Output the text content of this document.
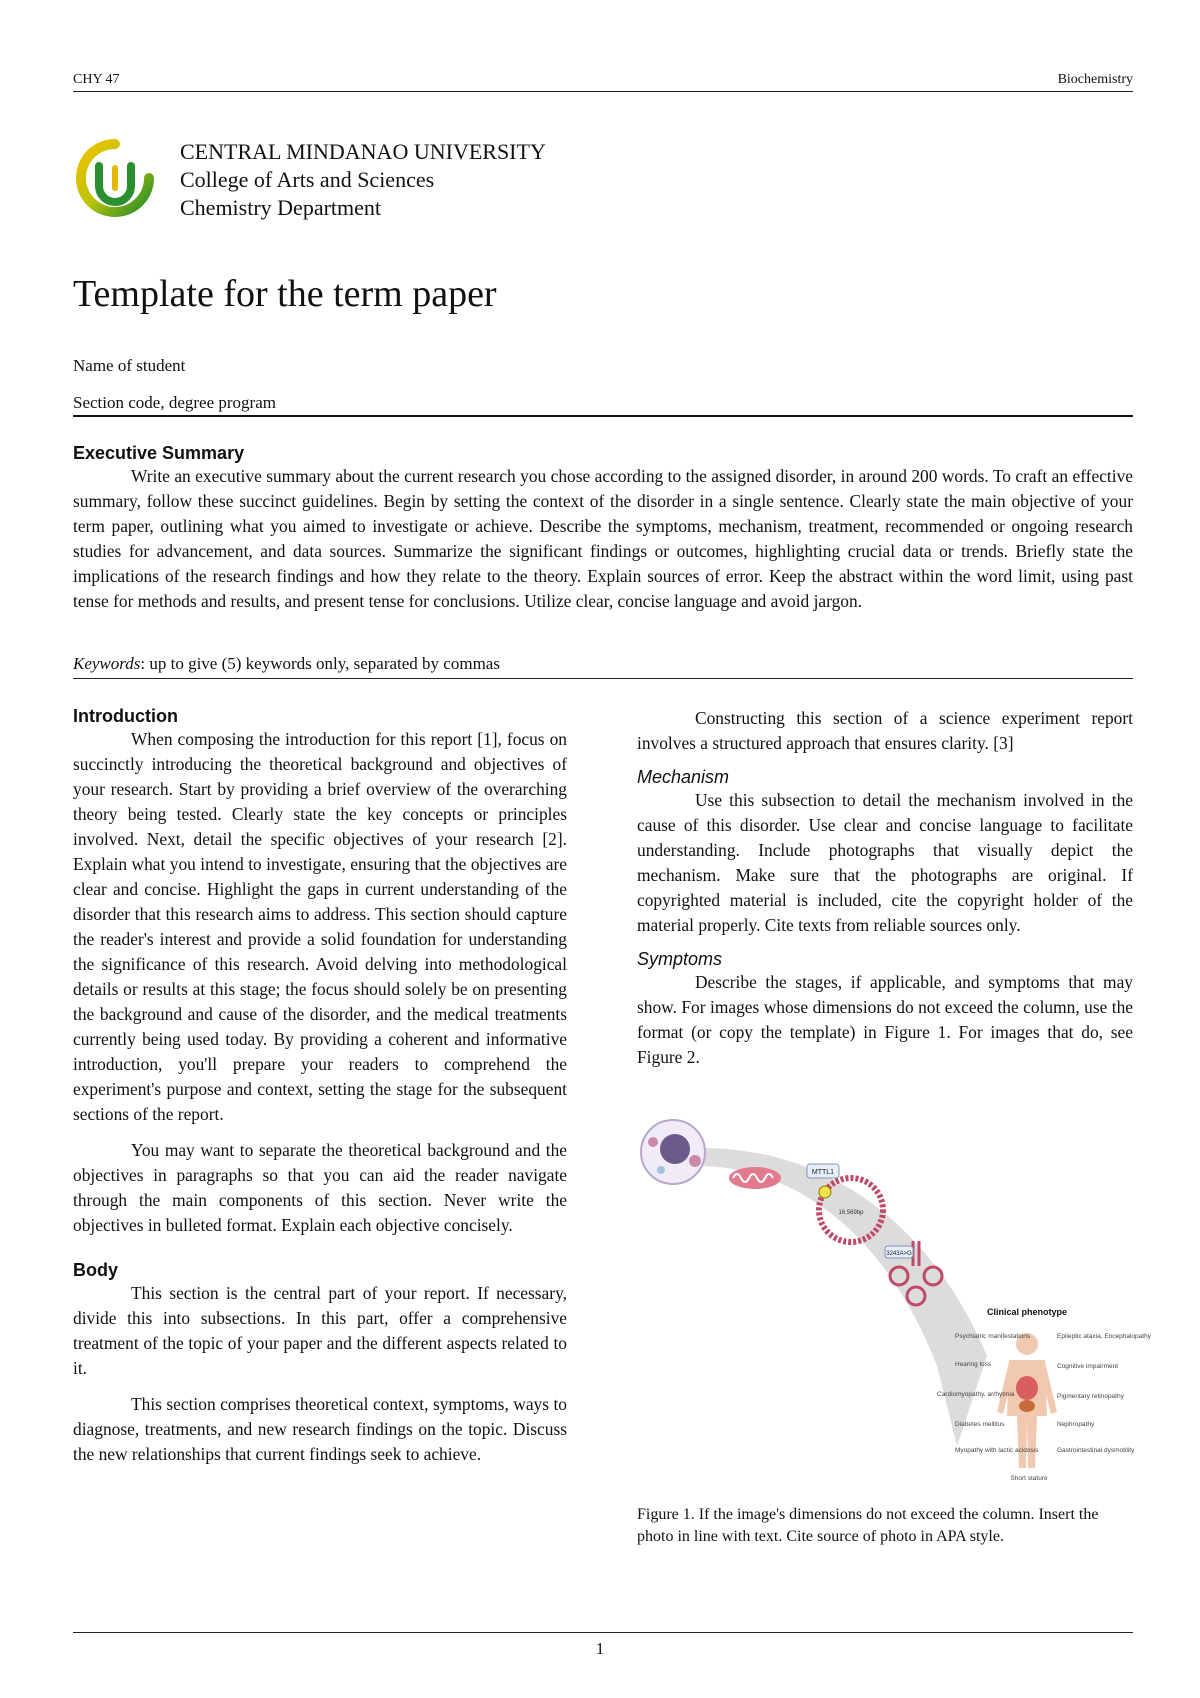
CHY 47	Biochemistry
CENTRAL MINDANAO UNIVERSITY
College of Arts and Sciences
Chemistry Department
Template for the term paper
Name of student
Section code, degree program
Executive Summary

Write an executive summary about the current research you chose according to the assigned disorder, in around 200 words. To craft an effective summary, follow these succinct guidelines. Begin by setting the context of the disorder in a single sentence. Clearly state the main objective of your term paper, outlining what you aimed to investigate or achieve. Describe the symptoms, mechanism, treatment, recommended or ongoing research studies for advancement, and data sources. Summarize the significant findings or outcomes, highlighting crucial data or trends. Briefly state the implications of the research findings and how they relate to the theory. Explain sources of error. Keep the abstract within the word limit, using past tense for methods and results, and present tense for conclusions. Utilize clear, concise language and avoid jargon.

Keywords: up to give (5) keywords only, separated by commas
Introduction

When composing the introduction for this report [1], focus on succinctly introducing the theoretical background and objectives of your research. Start by providing a brief overview of the overarching theory being tested. Clearly state the key concepts or principles involved. Next, detail the specific objectives of your research [2]. Explain what you intend to investigate, ensuring that the objectives are clear and concise. Highlight the gaps in current understanding of the disorder that this research aims to address. This section should capture the reader's interest and provide a solid foundation for understanding the significance of this research. Avoid delving into methodological details or results at this stage; the focus should solely be on presenting the background and cause of the disorder, and the medical treatments currently being used today. By providing a coherent and informative introduction, you'll prepare your readers to comprehend the experiment's purpose and context, setting the stage for the subsequent sections of the report.

You may want to separate the theoretical background and the objectives in paragraphs so that you can aid the reader navigate through the main components of this section. Never write the objectives in bulleted format. Explain each objective concisely.

Body

This section is the central part of your report. If necessary, divide this into subsections. In this part, offer a comprehensive treatment of the topic of your paper and the different aspects related to it.

This section comprises theoretical context, symptoms, ways to diagnose, treatments, and new research findings on the topic. Discuss the new relationships that current findings seek to achieve.

Constructing this section of a science experiment report involves a structured approach that ensures clarity. [3]

Mechanism

Use this subsection to detail the mechanism involved in the cause of this disorder. Use clear and concise language to facilitate understanding. Include photographs that visually depict the mechanism. Make sure that the photographs are original. If copyrighted material is included, cite the copyright holder of the material properly. Cite texts from reliable sources only.

Symptoms

Describe the stages, if applicable, and symptoms that may show. For images whose dimensions do not exceed the column, use the format (or copy the template) in Figure 1. For images that do, see Figure 2.

MTTL1
16,569bp
3243A>G
Clinical phenotype
Psychiatric manifestations
Hearing loss
Cardiomyopathy, arrhytmia
Diabetes mellitus
Myopathy with lactic acidosis
Epileptic ataxia, Encephalopathy
Cognitive impairment
Pigmentary retinopathy
Nephropathy
Gastrointestinal dysmotility
Short stature
Figure 1. If the image's dimensions do not exceed the column. Insert the photo in line with text. Cite source of photo in APA style.
1
